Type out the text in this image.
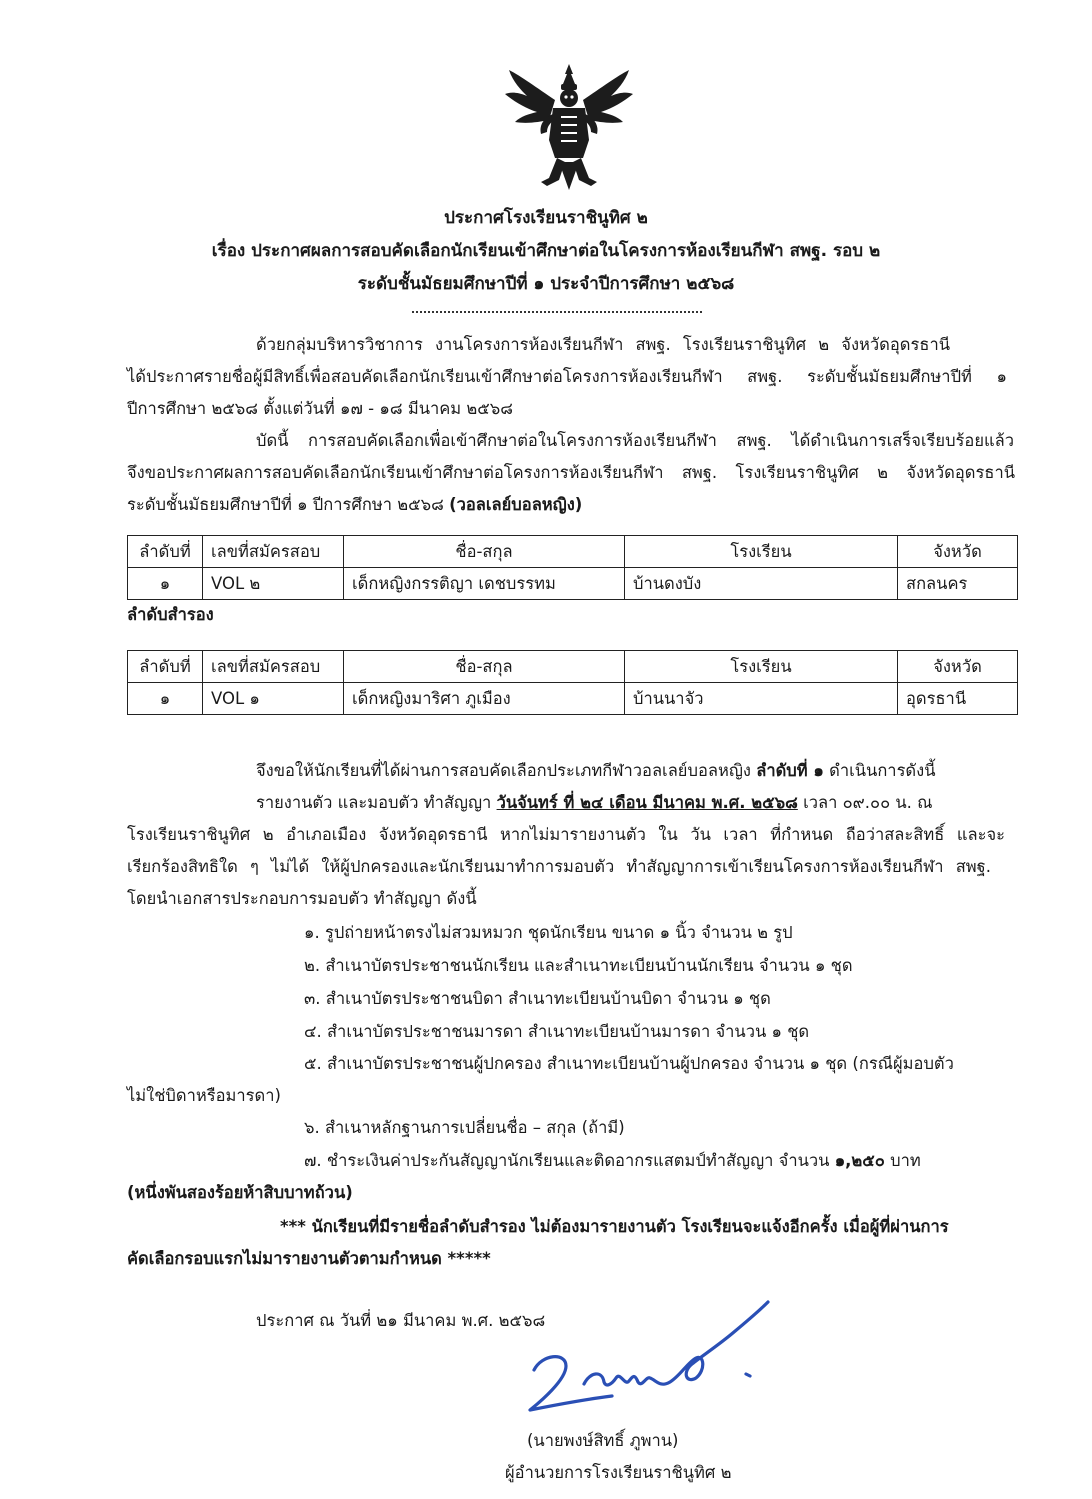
ประกาศโรงเรียนราชินูทิศ ๒
เรื่อง ประกาศผลการสอบคัดเลือกนักเรียนเข้าศึกษาต่อในโครงการห้องเรียนกีฬา สพฐ. รอบ ๒
ระดับชั้นมัธยมศึกษาปีที่ ๑ ประจำปีการศึกษา ๒๕๖๘
ด้วยกลุ่มบริหารวิชาการ งานโครงการห้องเรียนกีฬา สพฐ. โรงเรียนราชินูทิศ ๒ จังหวัดอุดรธานี
ได้ประกาศรายชื่อผู้มีสิทธิ์เพื่อสอบคัดเลือกนักเรียนเข้าศึกษาต่อโครงการห้องเรียนกีฬา สพฐ. ระดับชั้นมัธยมศึกษาปีที่ ๑
ปีการศึกษา ๒๕๖๘ ตั้งแต่วันที่ ๑๗ - ๑๘ มีนาคม ๒๕๖๘
บัดนี้ การสอบคัดเลือกเพื่อเข้าศึกษาต่อในโครงการห้องเรียนกีฬา สพฐ. ได้ดำเนินการเสร็จเรียบร้อยแล้ว
จึงขอประกาศผลการสอบคัดเลือกนักเรียนเข้าศึกษาต่อโครงการห้องเรียนกีฬา สพฐ. โรงเรียนราชินูทิศ ๒ จังหวัดอุดรธานี
ระดับชั้นมัธยมศึกษาปีที่ ๑ ปีการศึกษา ๒๕๖๘ (วอลเลย์บอลหญิง)
ลำดับที่	เลขที่สมัครสอบ	ชื่อ-สกุล	โรงเรียน	จังหวัด
๑	VOL ๒	เด็กหญิงกรรติญา เดชบรรทม	บ้านดงบัง	สกลนคร
ลำดับสำรอง
ลำดับที่	เลขที่สมัครสอบ	ชื่อ-สกุล	โรงเรียน	จังหวัด
๑	VOL ๑	เด็กหญิงมาริศา ภูเมือง	บ้านนาจัว	อุดรธานี
จึงขอให้นักเรียนที่ได้ผ่านการสอบคัดเลือกประเภทกีฬาวอลเลย์บอลหญิง ลำดับที่ ๑ ดำเนินการดังนี้
รายงานตัว และมอบตัว ทำสัญญา วันจันทร์ ที่ ๒๔ เดือน มีนาคม พ.ศ. ๒๕๖๘ เวลา ๐๙.๐๐ น. ณ
โรงเรียนราชินูทิศ ๒ อำเภอเมือง จังหวัดอุดรธานี หากไม่มารายงานตัว ใน วัน เวลา ที่กำหนด ถือว่าสละสิทธิ์ และจะ
เรียกร้องสิทธิใด ๆ ไม่ได้ ให้ผู้ปกครองและนักเรียนมาทำการมอบตัว ทำสัญญาการเข้าเรียนโครงการห้องเรียนกีฬา สพฐ.
โดยนำเอกสารประกอบการมอบตัว ทำสัญญา ดังนี้
๑. รูปถ่ายหน้าตรงไม่สวมหมวก ชุดนักเรียน ขนาด ๑ นิ้ว จำนวน ๒ รูป
๒. สำเนาบัตรประชาชนนักเรียน และสำเนาทะเบียนบ้านนักเรียน จำนวน ๑ ชุด
๓. สำเนาบัตรประชาชนบิดา สำเนาทะเบียนบ้านบิดา จำนวน ๑ ชุด
๔. สำเนาบัตรประชาชนมารดา สำเนาทะเบียนบ้านมารดา จำนวน ๑ ชุด
๕. สำเนาบัตรประชาชนผู้ปกครอง สำเนาทะเบียนบ้านผู้ปกครอง จำนวน ๑ ชุด (กรณีผู้มอบตัว
ไม่ใช่บิดาหรือมารดา)
๖. สำเนาหลักฐานการเปลี่ยนชื่อ – สกุล (ถ้ามี)
๗. ชำระเงินค่าประกันสัญญานักเรียนและติดอากรแสตมป์ทำสัญญา จำนวน ๑,๒๕๐ บาท
(หนึ่งพันสองร้อยห้าสิบบาทถ้วน)
*** นักเรียนที่มีรายชื่อลำดับสำรอง ไม่ต้องมารายงานตัว โรงเรียนจะแจ้งอีกครั้ง เมื่อผู้ที่ผ่านการ
คัดเลือกรอบแรกไม่มารายงานตัวตามกำหนด *****
ประกาศ ณ วันที่ ๒๑ มีนาคม พ.ศ. ๒๕๖๘
(นายพงษ์สิทธิ์ ภูพาน)
ผู้อำนวยการโรงเรียนราชินูทิศ ๒
